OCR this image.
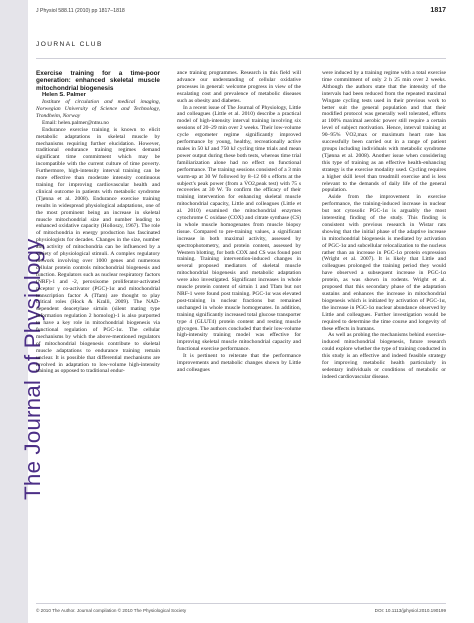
The Journal of Physiology
J Physiol 588.11 (2010) pp 1817–1818	1817
JOURNAL CLUB

Exercise training for a time-poor generation: enhanced skeletal muscle mitochondrial biogenesis

Helen S. Palmer

Institute of circulation and medical imaging, Norwegian University of Science and Technology, Trondheim, Norway

Email: helen.palmer@ntnu.no

Endurance exercise training is known to elicit metabolic adaptations in skeletal muscle by mechanisms requiring further elucidation. However, traditional endurance training regimes demand significant time commitment which may be incompatible with the current culture of time poverty. Furthermore, high-intensity interval training can be more effective than moderate intensity continuous training for improving cardiovascular health and clinical outcome in patients with metabolic syndrome (Tjønna et al. 2008). Endurance exercise training results in widespread physiological adaptations, one of the most prominent being an increase in skeletal muscle mitochondrial size and number leading to enhanced oxidative capacity (Holloszy, 1967). The role of mitochondria in energy production has fascinated physiologists for decades. Changes in the size, number and activity of mitochondria can be influenced by a variety of physiological stimuli. A complex regulatory network involving over 1000 genes and numerous cellular protein controls mitochondrial biogenesis and function. Regulators such as nuclear respiratory factors (NRF)-1 and -2, peroxisome proliferator-activated receptor γ co-activator (PGC)-1α and mitochondrial transcription factor A (Tfam) are thought to play critical roles (Hock & Kralli, 2009). The NAD-dependent deacetylase sirtuin (silent mating type information regulation 2 homolog)-1 is also purported to have a key role in mitochondrial biogenesis via functional regulation of PGC-1α. The cellular mechanisms by which the above-mentioned regulators of mitochondrial biogenesis contribute to skeletal muscle adaptations to endurance training remain unclear. It is possible that differential mechanisms are involved in adaptation to low-volume high-intensity training as opposed to traditional endur-

ance training programmes. Research in this field will advance our understanding of cellular oxidative processes in general: welcome progress in view of the escalating cost and prevalence of metabolic diseases such as obesity and diabetes.

In a recent issue of The Journal of Physiology, Little and colleagues (Little et al. 2010) describe a practical model of high-intensity interval training involving six sessions of 20–29 min over 2 weeks. Their low-volume cycle ergometer regime significantly improved performance by young, healthy, recreationally active males in 50 kJ and 750 kJ cycling time trials and mean power output during these both tests, whereas time trial familiarization alone had no effect on functional performance. The training sessions consisted of a 3 min warm-up at 30 W followed by 8–12 60 s efforts at the subject's peak power (from a V̇O2,peak test) with 75 s recoveries at 30 W. To confirm the efficacy of their training intervention for enhancing skeletal muscle mitochondrial capacity, Little and colleagues (Little et al. 2010) examined the mitochondrial enzymes cytochrome C oxidase (COX) and citrate synthase (CS) in whole muscle homogenates from muscle biopsy tissue. Compared to pre-training values, a significant increase in both maximal activity, assessed by spectrophotometry, and protein content, assessed by Western blotting, for both COX and CS was found post training. Training intervention-induced changes in several proposed mediators of skeletal muscle mitochondrial biogenesis and metabolic adaptation were also investigated. Significant increases in whole muscle protein content of sirtuin 1 and Tfam but not NRF-1 were found post training. PGC-1α was elevated post-training in nuclear fractions but remained unchanged in whole muscle homogenates. In addition, training significantly increased total glucose transporter type 4 (GLUT4) protein content and resting muscle glycogen. The authors concluded that their low-volume high-intensity training model was effective for improving skeletal muscle mitochondrial capacity and functional exercise performance.

It is pertinent to reiterate that the performance improvements and metabolic changes shown by Little and colleagues

were induced by a training regime with a total exercise time commitment of only 2 h 25 min over 2 weeks. Although the authors state that the intensity of the intervals had been reduced from the repeated maximal Wingate cycling tests used in their previous work to better suit the general population and that their modified protocol was generally well tolerated, efforts at 100% maximal aerobic power still require a certain level of subject motivation. Hence, interval training at 90–95% V̇O2,max or maximum heart rate has successfully been carried out in a range of patient groups including individuals with metabolic syndrome (Tjønna et al. 2008). Another issue when considering this type of training as an effective health-enhancing strategy is the exercise modality used. Cycling requires a higher skill level than treadmill exercise and is less relevant to the demands of daily life of the general population.

Aside from the improvement in exercise performance, the training-induced increase in nuclear but not cytosolic PGC-1α is arguably the most interesting finding of the study. This finding is consistent with previous research in Wistar rats showing that the initial phase of the adaptive increase in mitochondrial biogenesis is mediated by activation of PGC-1α and subcellular relocalization to the nucleus rather than an increase in PGC-1α protein expression (Wright et al. 2007). It is likely that Little and colleagues prolonged the training period they would have observed a subsequent increase in PGC-1α protein, as was shown in rodents. Wright et al. proposed that this secondary phase of the adaptation sustains and enhances the increase in mitochondrial biogenesis which is initiated by activation of PGC-1α, the increase in PGC-1α nuclear abundance observed by Little and colleagues. Further investigation would be required to determine the time course and longevity of these effects in humans.

As well as probing the mechanisms behind exercise-induced mitochondrial biogenesis, future research could explore whether the type of training conducted in this study is an effective and indeed feasible strategy for improving metabolic health particularly in sedentary individuals or conditions of metabolic or indeed cardiovascular disease.

© 2010 The Author. Journal compilation © 2010 The Physiological Society	DOI: 10.1113/jphysiol.2010.190199
